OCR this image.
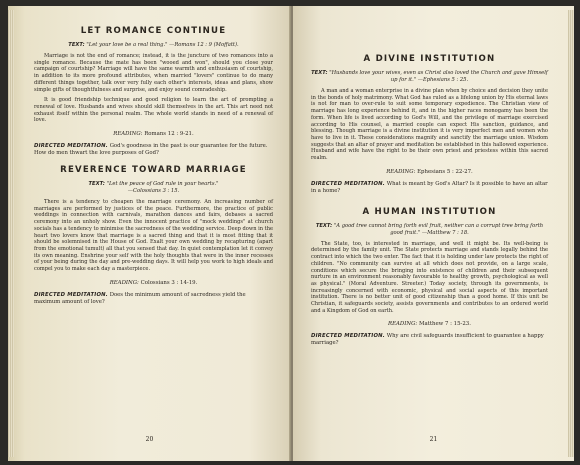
LET ROMANCE CONTINUE
TEXT: "Let your love be a real thing." —Romans 12 : 9 (Moffatt).

Marriage is not the end of romance; instead, it is the juncture of two romances into a single romance. Because the mate has been "wooed and won", should you close your campaign of courtship? Marriage will have the same warmth and enthusiasm of courtship, in addition to its more profound attributes, when married "lovers" continue to do many different things together, talk over very fully each other's interests, ideas and plans, show simple gifts of thoughtfulness and surprise, and enjoy sound comradeship.

It is good friendship technique and good religion to learn the art of prompting a renewal of love. Husbands and wives should skill themselves in the art. This art need not exhaust itself within the personal realm. The whole world stands in need of a renewal of love.

READING: Romans 12 : 9-21.
DIRECTED MEDITATION. God's goodness in the past is our guarantee for the future. How do men thwart the love purposes of God?
REVERENCE TOWARD MARRIAGE
TEXT: "Let the peace of God rule in your hearts."
—Colossians 3 : 15.

There is a tendency to cheapen the marriage ceremony. An increasing number of marriages are performed by justices of the peace. Furthermore, the practice of public weddings in connection with carnivals, marathon dances and fairs, debases a sacred ceremony into an unholy show. Even the innocent practice of "mock weddings" at church socials has a tendency to minimise the sacredness of the wedding service. Deep down in the heart two lovers know that marriage is a sacred thing and that it is most fitting that it should be solemnised in the House of God. Exalt your own wedding by recapturing (apart from the emotional tumult) all that you sensed that day. In quiet contemplation let it convey its own meaning. Enshrine your self with the holy thoughts that were in the inner recesses of your being during the day and pre-wedding days. It will help you work to high ideals and compel you to make each day a masterpiece.

READING: Colossians 3 : 14-19.
DIRECTED MEDITATION. Does the minimum amount of sacredness yield the maximum amount of love?
20
A DIVINE INSTITUTION
TEXT: "Husbands love your wives, even as Christ also loved the Church and gave Himself up for it." —Ephesians 5 : 25.

A man and a woman enterprise in a divine plan when by choice and decision they unite in the bonds of holy matrimony. What God has ruled as a lifelong union by His eternal laws is not for man to over-rule to suit some temporary expedience. The Christian view of marriage has long experience behind it, and in the higher races monogamy has been the form. When life is lived according to God's Will, and the privilege of marriage exercised according to His counsel, a married couple can expect His sanction, guidance, and blessing. Though marriage is a divine institution it is very imperfect men and women who have to live in it. These considerations magnify and sanctify the marriage union. Wisdom suggests that an altar of prayer and meditation be established in this hallowed experience. Husband and wife have the right to be their own priest and priestess within this sacred realm.

READING: Ephesians 5 : 22-27.
DIRECTED MEDITATION. What is meant by God's Altar? Is it possible to have an altar in a home?
A HUMAN INSTITUTION
TEXT: "A good tree cannot bring forth evil fruit, neither can a corrupt tree bring forth good fruit." —Matthew 7 : 18.

The State, too, is interested in marriage, and well it might be. Its well-being is determined by the family unit. The State protects marriage and stands legally behind the contract into which the two enter. The fact that it is holding under law protects the right of children. "No community can survive at all which does not provide, on a large scale, conditions which secure the bringing into existence of children and their subsequent nurture in an environment reasonably favourable to healthy growth, psychological as well as physical." (Moral Adventure. Streeter.) Today society, through its governments, is increasingly concerned with economic, physical and social aspects of this important institution. There is no better unit of good citizenship than a good home. If this unit be Christian, it safeguards society, assists governments and contributes to an ordered world and a Kingdom of God on earth.

READING: Matthew 7 : 15-23.
DIRECTED MEDITATION. Why are civil safeguards insufficient to guarantee a happy marriage?
21
